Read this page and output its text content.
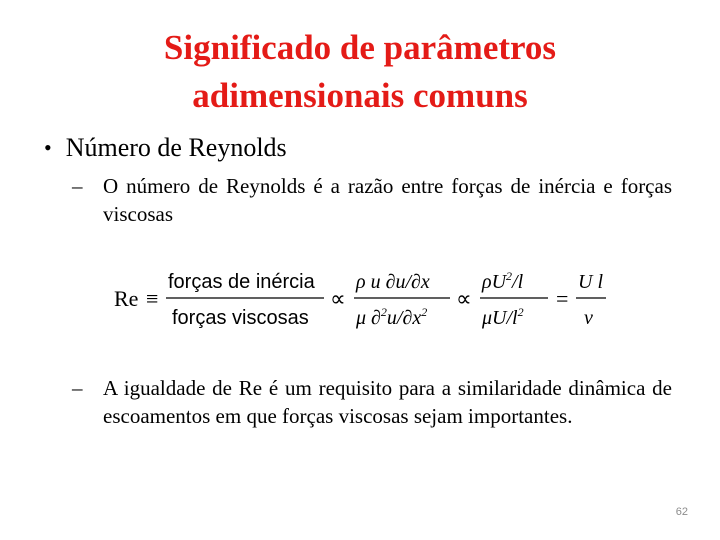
Significado de parâmetros
adimensionais comuns
• Número de Reynolds
– O número de Reynolds é a razão entre forças de inércia e forças viscosas
Re ≡
forças de inércia
forças viscosas
∝
ρ u ∂u/∂x
μ $\partial^2u/\partial x^2$
∝
$\rho U^2/l$
$\mu U/l^2$
=
U l
ν
– A igualdade de Re é um requisito para a similaridade dinâmica de escoamentos em que forças viscosas sejam importantes.
62
